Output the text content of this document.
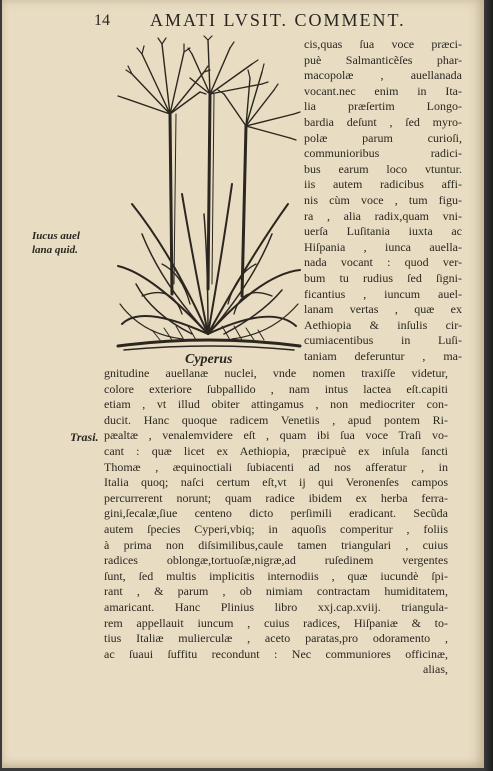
14 AMATI LVSIT. COMMENT.
Cyperus
Iucus auel
lana quid.
Trasi.
cis,quas ſua voce præci-
puè Salmanticẽſes phar-
macopolæ , auellanada
vocant.nec enim in Ita-
lia præſertim Longo-
bardia deſunt , ſed myro-
polæ parum curioſi,
communioribus radici-
bus earum loco vtuntur.
iis autem radicibus affi-
nis cùm voce , tum figu-
ra , alia radix,quam vni-
uerſa Luſitania iuxta ac
Hiſpania , iunca auella-
nada vocant : quod ver-
bum tu rudius ſed ſigni-
ficantius , iuncum auel-
lanam vertas , quæ ex
Aethiopia & inſulis cir-
cumiacentibus in Luſi-
taniam deferuntur , ma-
gnitudine auellanæ nuclei, vnde nomen traxiſſe videtur,
colore exteriore ſubpallido , nam intus lactea eſt.capiti
etiam , vt illud obiter attingamus , non mediocriter con-
ducit. Hanc quoque radicem Venetiis , apud pontem Ri-
pæaltæ , venalemvidere eſt , quam ibi ſua voce Traſi vo-
cant : quæ licet ex Aethiopia, præcipuè ex inſula ſancti
Thomæ , æquinoctiali ſubiacenti ad nos afferatur , in
Italia quoq; naſci certum eſt,vt ij qui Veronenſes campos
percurrerent norunt; quam radice ibidem ex herba ferra-
gini,ſecalæ,ſiue centeno dicto perſimili eradicant. Secũda
autem ſpecies Cyperi,vbiq; in aquoſis comperitur , foliis
à prima non diſsimilibus,caule tamen triangulari , cuius
radices oblongæ,tortuoſæ,nigræ,ad ruſedinem vergentes
ſunt, ſed multis implicitis internodiis , quæ iucundè ſpi-
rant , & parum , ob nimiam contractam humiditatem,
amaricant. Hanc Plinius libro xxj.cap.xviij. triangula-
rem appellauit iuncum , cuius radices, Hiſpaniæ & to-
tius Italiæ mulierculæ , aceto paratas,pro odoramento ,
ac ſuaui ſuffitu recondunt : Nec communiores officinæ,
alias,
